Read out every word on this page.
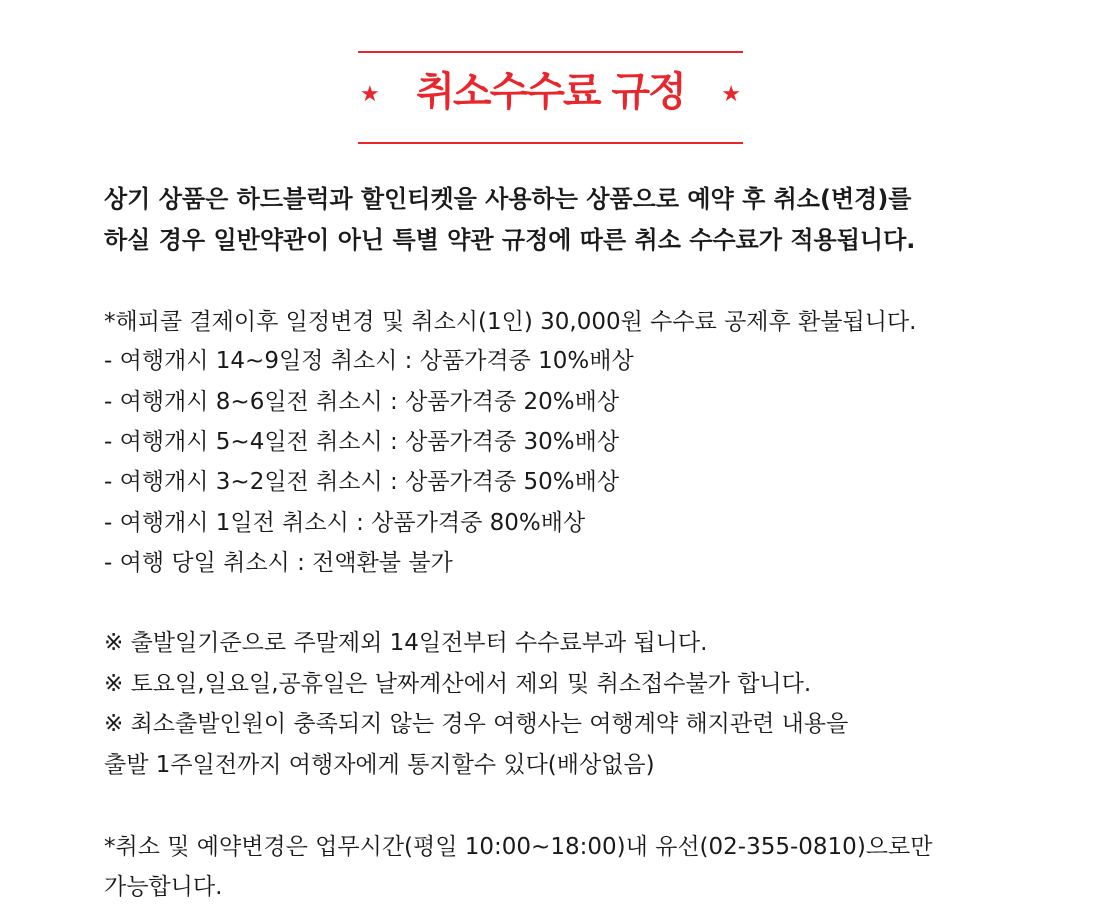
★ 취소수수료 규정	★
상기 상품은 하드블럭과 할인티켓을 사용하는 상품으로 예약 후 취소(변경)를
하실 경우 일반약관이 아닌 특별 약관 규정에 따른 취소 수수료가 적용됩니다.
*해피콜 결제이후 일정변경 및 취소시(1인) 30,000원 수수료 공제후 환불됩니다.
- 여행개시 14~9일정 취소시 : 상품가격중 10%배상
- 여행개시 8~6일전 취소시 : 상품가격중 20%배상
- 여행개시 5~4일전 취소시 : 상품가격중 30%배상
- 여행개시 3~2일전 취소시 : 상품가격중 50%배상
- 여행개시 1일전 취소시 : 상품가격중 80%배상
- 여행 당일 취소시 : 전액환불 불가
※ 출발일기준으로 주말제외 14일전부터 수수료부과 됩니다.
※ 토요일,일요일,공휴일은 날짜계산에서 제외 및 취소접수불가 합니다.
※ 최소출발인원이 충족되지 않는 경우 여행사는 여행계약 해지관련 내용을
출발 1주일전까지 여행자에게 통지할수 있다(배상없음)
*취소 및 예약변경은 업무시간(평일 10:00~18:00)내 유선(02-355-0810)으로만
가능합니다.
